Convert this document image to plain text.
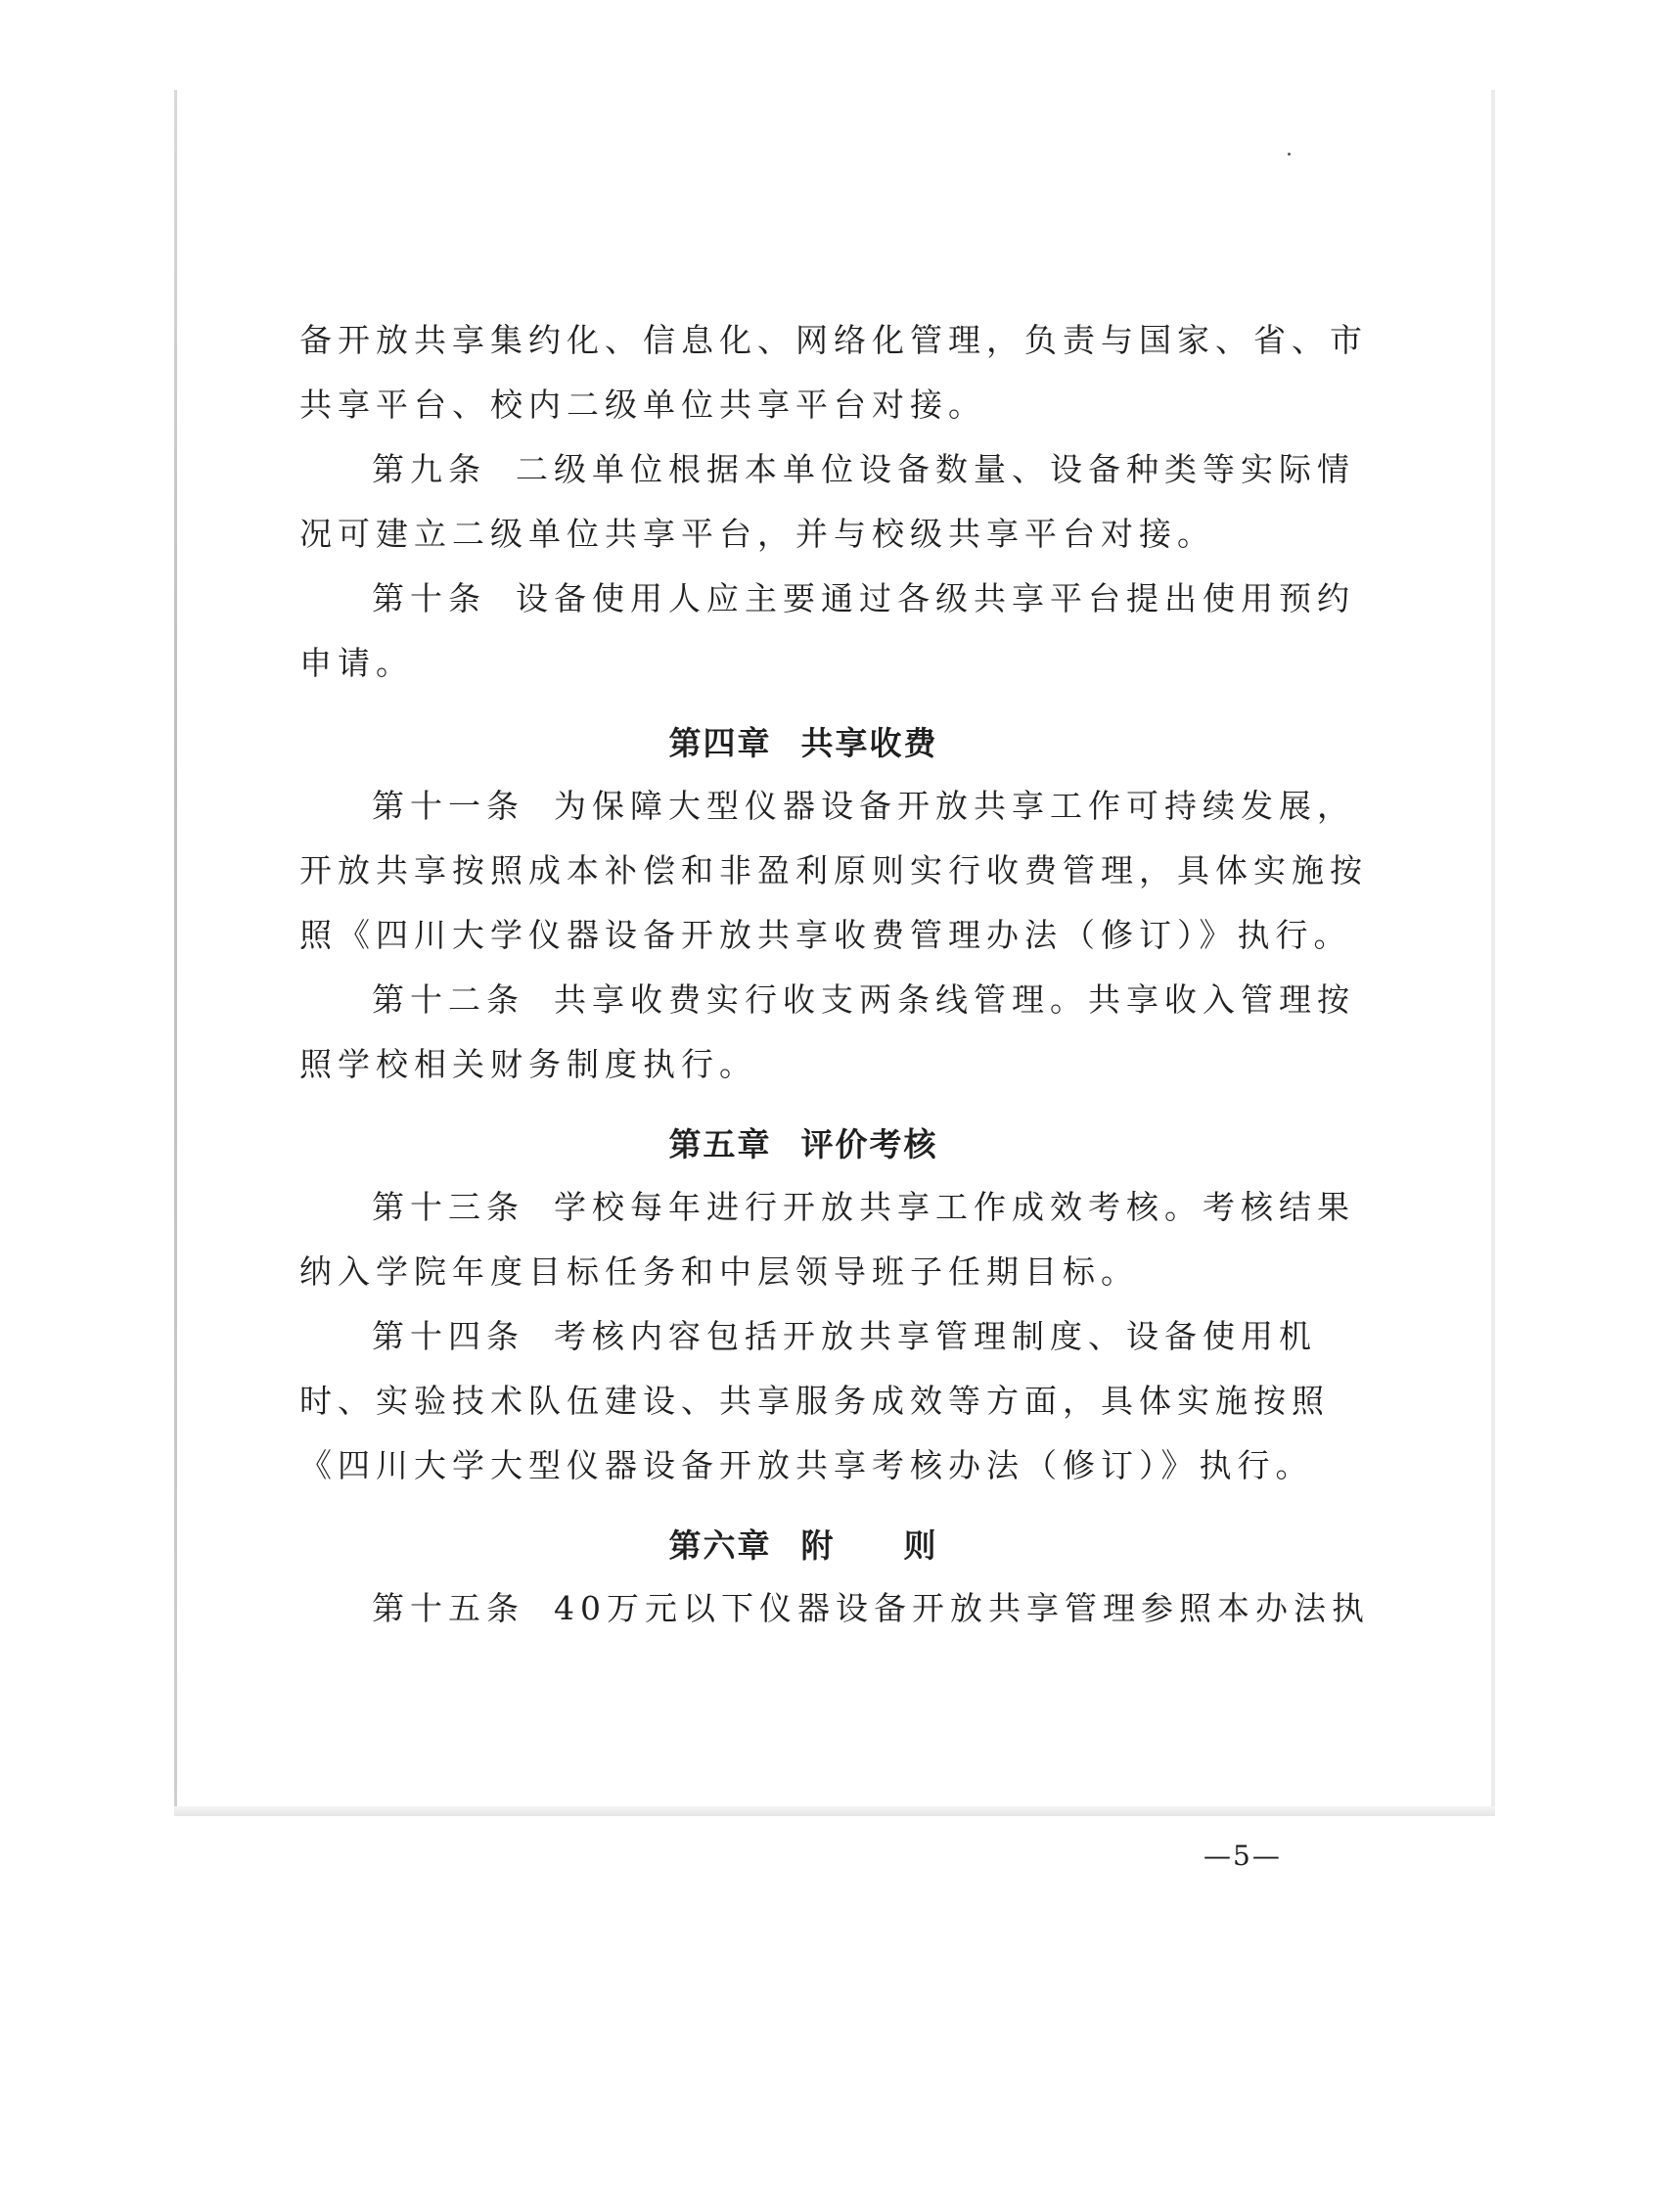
备开放共享集约化、信息化、网络化管理，负责与国家、省、市
共享平台、校内二级单位共享平台对接。
第九条 二级单位根据本单位设备数量、设备种类等实际情
况可建立二级单位共享平台，并与校级共享平台对接。
第十条 设备使用人应主要通过各级共享平台提出使用预约
申请。
第四章 共享收费
第十一条 为保障大型仪器设备开放共享工作可持续发展，
开放共享按照成本补偿和非盈利原则实行收费管理，具体实施按
照《四川大学仪器设备开放共享收费管理办法（修订）》执行。
第十二条 共享收费实行收支两条线管理。共享收入管理按
照学校相关财务制度执行。
第五章 评价考核
第十三条 学校每年进行开放共享工作成效考核。考核结果
纳入学院年度目标任务和中层领导班子任期目标。
第十四条 考核内容包括开放共享管理制度、设备使用机
时、实验技术队伍建设、共享服务成效等方面，具体实施按照
《四川大学大型仪器设备开放共享考核办法（修订）》执行。
第六章 附　　则
第十五条 40万元以下仪器设备开放共享管理参照本办法执
—5—
